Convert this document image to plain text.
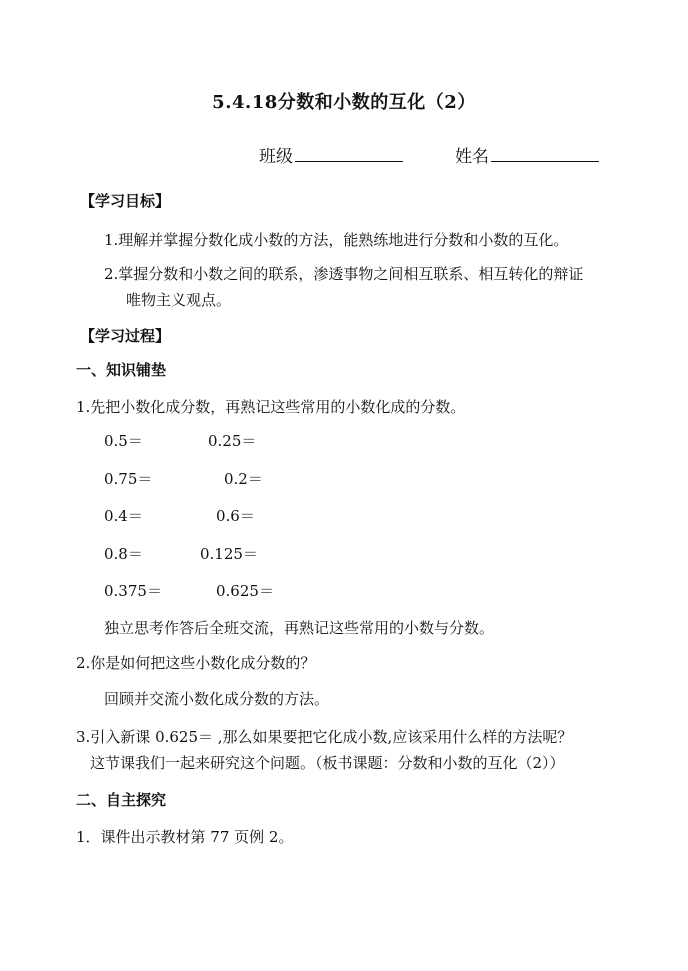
5.4.18分数和小数的互化（2）
班级	姓名
【学习目标】
1.理解并掌握分数化成小数的方法，能熟练地进行分数和小数的互化。
2.掌握分数和小数之间的联系，渗透事物之间相互联系、相互转化的辩证
唯物主义观点。
【学习过程】
一、知识铺垫
1.先把小数化成分数，再熟记这些常用的小数化成的分数。
0.5＝	0.25＝
0.75＝	0.2＝
0.4＝	0.6＝
0.8＝	0.125＝
0.375＝	0.625＝
独立思考作答后全班交流，再熟记这些常用的小数与分数。
2.你是如何把这些小数化成分数的？
回顾并交流小数化成分数的方法。
3.引入新课 0.625＝ ,那么如果要把它化成小数,应该采用什么样的方法呢？
这节课我们一起来研究这个问题。（板书课题：分数和小数的互化（2））
二、自主探究
1．课件出示教材第 77 页例 2。
